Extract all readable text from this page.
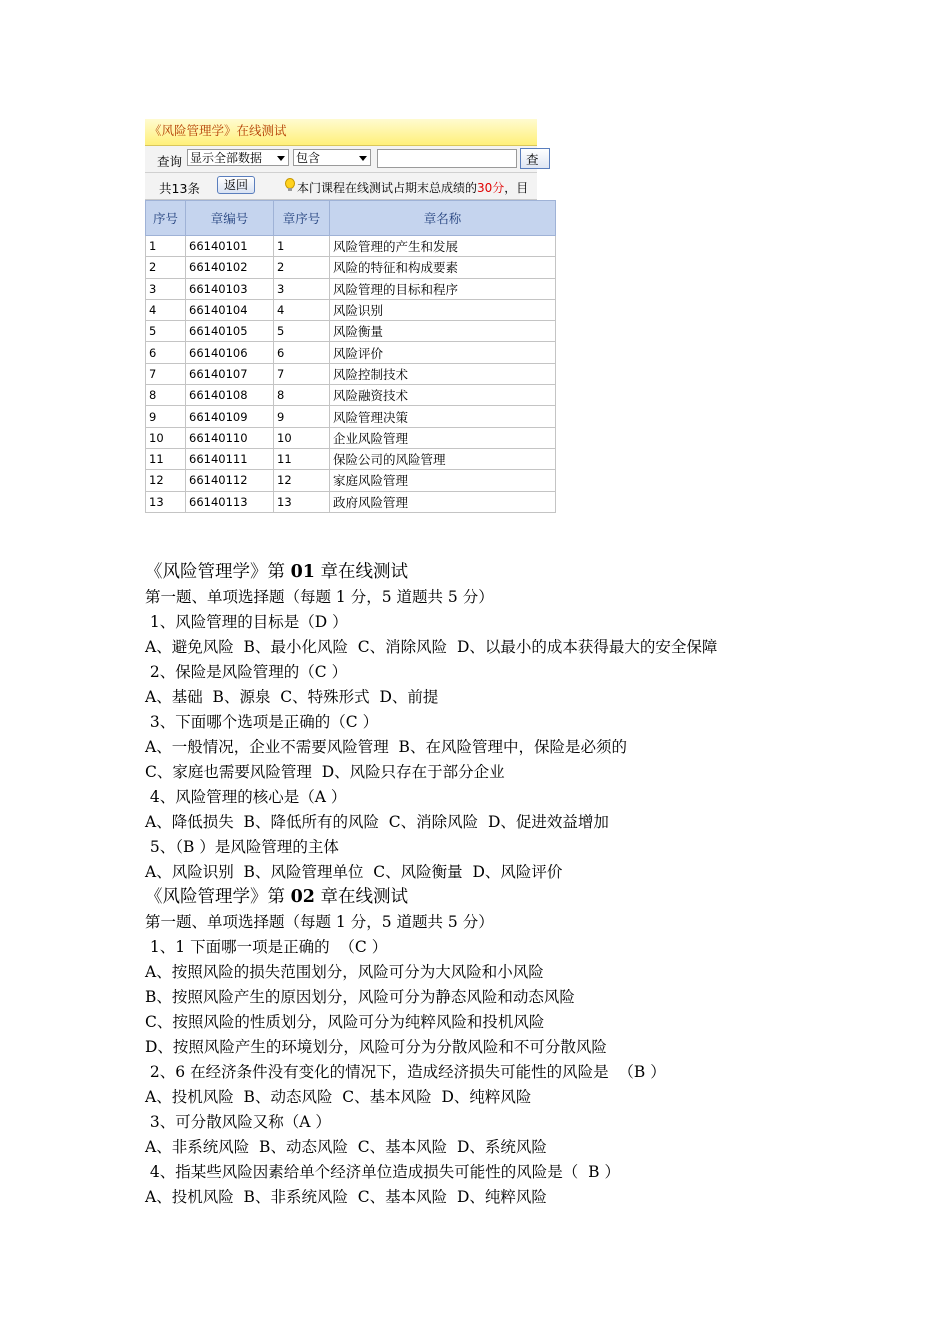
《风险管理学》在线测试
查询 显示全部数据	包含	查
共13条	返回	本门课程在线测试占期末总成绩的30分，目
序号	章编号	章序号	章名称
1	66140101	1	风险管理的产生和发展
2	66140102	2	风险的特征和构成要素
3	66140103	3	风险管理的目标和程序
4	66140104	4	风险识别
5	66140105	5	风险衡量
6	66140106	6	风险评价
7	66140107	7	风险控制技术
8	66140108	8	风险融资技术
9	66140109	9	风险管理决策
10	66140110	10	企业风险管理
11	66140111	11	保险公司的风险管理
12	66140112	12	家庭风险管理
13	66140113	13	政府风险管理
《风险管理学》第 01 章在线测试
第一题、单项选择题（每题 1 分，5 道题共 5 分）
1、风险管理的目标是（D ）
A、避免风险  B、最小化风险  C、消除风险  D、以最小的成本获得最大的安全保障
2、保险是风险管理的（C ）
A、基础  B、源泉  C、特殊形式  D、前提
3、下面哪个选项是正确的（C ）
A、一般情况，企业不需要风险管理  B、在风险管理中，保险是必须的
C、家庭也需要风险管理  D、风险只存在于部分企业
4、风险管理的核心是（A ）
A、降低损失  B、降低所有的风险  C、消除风险  D、促进效益增加
5、（B ）是风险管理的主体
A、风险识别  B、风险管理单位  C、风险衡量  D、风险评价
《风险管理学》第 02 章在线测试
第一题、单项选择题（每题 1 分，5 道题共 5 分）
1、1 下面哪一项是正确的  （C ）
A、按照风险的损失范围划分，风险可分为大风险和小风险
B、按照风险产生的原因划分，风险可分为静态风险和动态风险
C、按照风险的性质划分，风险可分为纯粹风险和投机风险
D、按照风险产生的环境划分，风险可分为分散风险和不可分散风险
2、6 在经济条件没有变化的情况下，造成经济损失可能性的风险是  （B ）
A、投机风险  B、动态风险  C、基本风险  D、纯粹风险
3、可分散风险又称（A ）
A、非系统风险  B、动态风险  C、基本风险  D、系统风险
4、指某些风险因素给单个经济单位造成损失可能性的风险是（  B ）
A、投机风险  B、非系统风险  C、基本风险  D、纯粹风险
